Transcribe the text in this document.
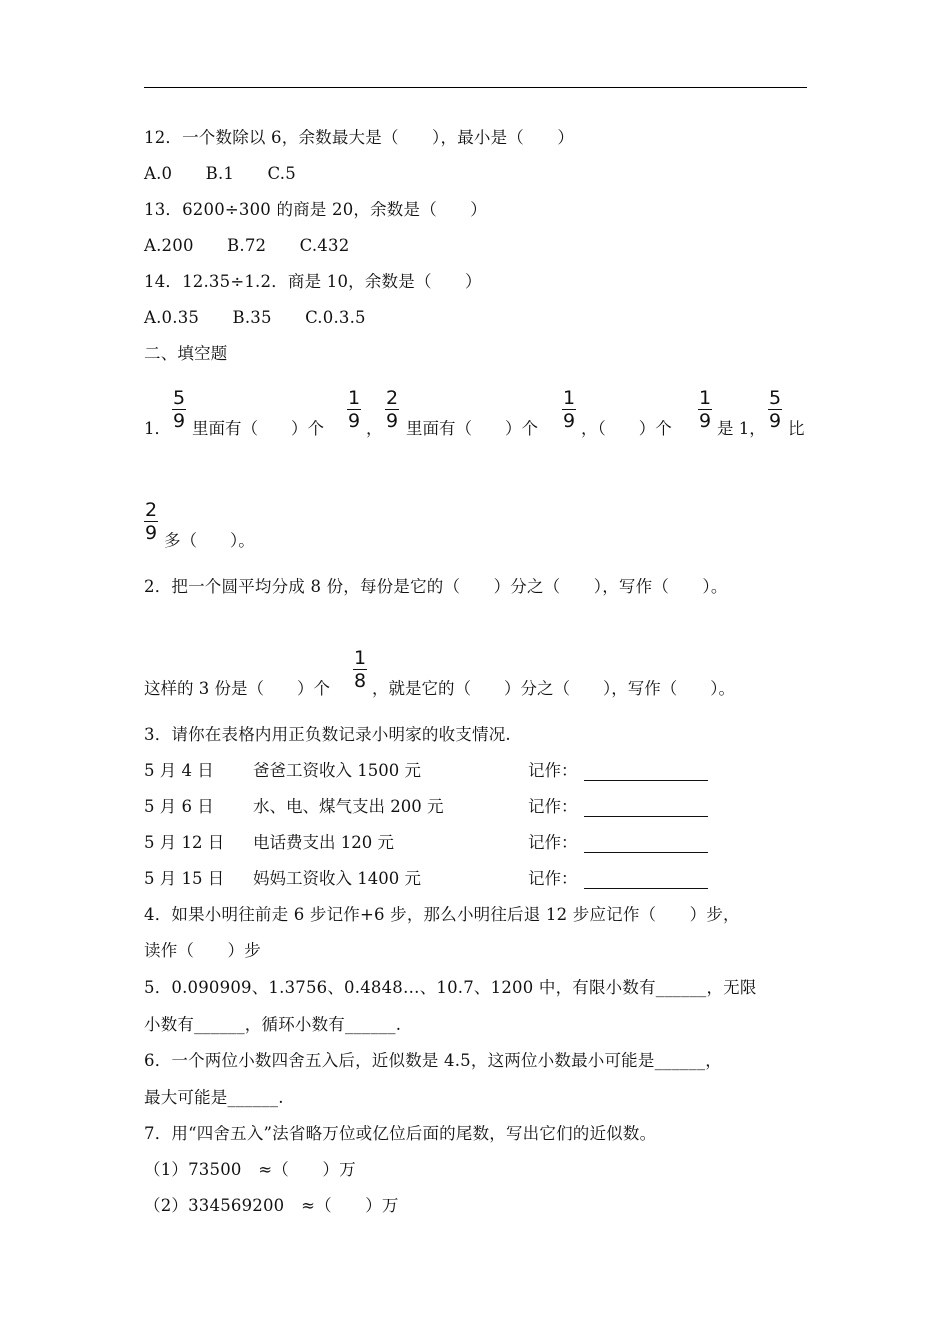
12．一个数除以 6，余数最大是（　　），最小是（　　）
A.0　　B.1　　C.5
13．6200÷300 的商是 20，余数是（　　）
A.200　　B.72　　C.432
14．12.35÷1.2．商是 10，余数是（　　）
A.0.35　　B.35　　C.0.3.5
二、填空题
1．
5
9 里面有（　　）个
1
9 ，
2
9 里面有（　　）个
1
9 ，（　　）个
1
9 是 1，
5
9 比
2
9 多（　　）。
2．把一个圆平均分成 8 份，每份是它的（　　）分之（　　），写作（　　）。
这样的 3 份是（　　）个
1
8 ，就是它的（　　）分之（　　），写作（　　）。
3．请你在表格内用正负数记录小明家的收支情况.
5 月 4 日 爸爸工资收入 1500 元	记作：
5 月 6 日 水、电、煤气支出 200 元	记作：
5 月 12 日 电话费支出 120 元	记作：
5 月 15 日 妈妈工资收入 1400 元	记作：
4．如果小明往前走 6 步记作+6 步，那么小明往后退 12 步应记作（　　）步，
读作（　　）步
5．0.090909、1.3756、0.4848…、10.7、1200 中，有限小数有______，无限
小数有______，循环小数有______.
6．一个两位小数四舍五入后，近似数是 4.5，这两位小数最小可能是______，
最大可能是______.
7．用“四舍五入”法省略万位或亿位后面的尾数，写出它们的近似数。
（1）73500　≈（　　）万
（2）334569200　≈（　　）万
